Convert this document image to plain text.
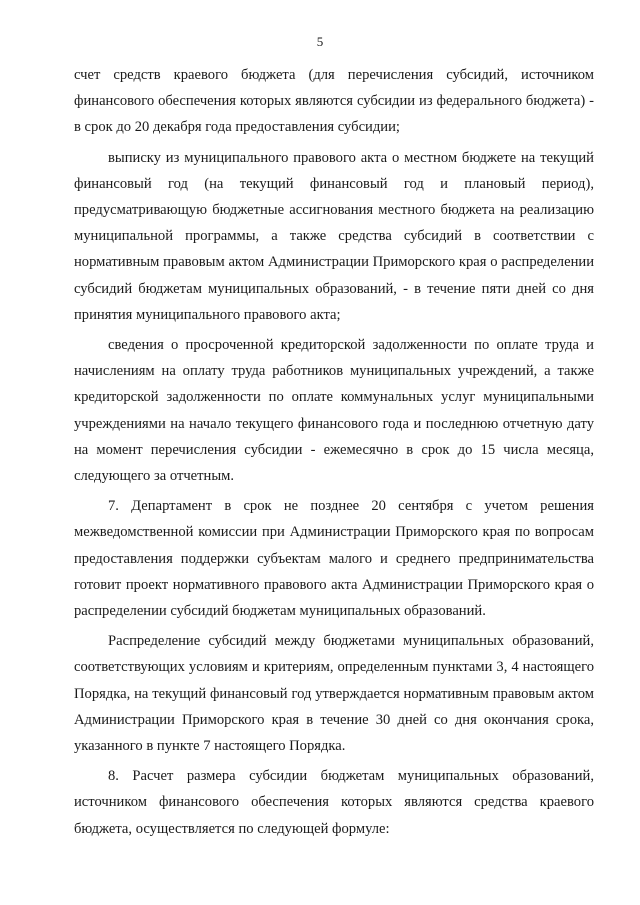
5

счет средств краевого бюджета (для перечисления субсидий, источником финансового обеспечения которых являются субсидии из федерального бюджета) - в срок до 20 декабря года предоставления субсидии;

выписку из муниципального правового акта о местном бюджете на текущий финансовый год (на текущий финансовый год и плановый период), предусматривающую бюджетные ассигнования местного бюджета на реализацию муниципальной программы, а также средства субсидий в соответствии с нормативным правовым актом Администрации Приморского края о распределении субсидий бюджетам муниципальных образований, - в течение пяти дней со дня принятия муниципального правового акта;

сведения о просроченной кредиторской задолженности по оплате труда и начислениям на оплату труда работников муниципальных учреждений, а также кредиторской задолженности по оплате коммунальных услуг муниципальными учреждениями на начало текущего финансового года и последнюю отчетную дату на момент перечисления субсидии - ежемесячно в срок до 15 числа месяца, следующего за отчетным.

7. Департамент в срок не позднее 20 сентября с учетом решения межведомственной комиссии при Администрации Приморского края по вопросам предоставления поддержки субъектам малого и среднего предпринимательства готовит проект нормативного правового акта Администрации Приморского края о распределении субсидий бюджетам муниципальных образований.

Распределение субсидий между бюджетами муниципальных образований, соответствующих условиям и критериям, определенным пунктами 3, 4 настоящего Порядка, на текущий финансовый год утверждается нормативным правовым актом Администрации Приморского края в течение 30 дней со дня окончания срока, указанного в пункте 7 настоящего Порядка.

8. Расчет размера субсидии бюджетам муниципальных образований, источником финансового обеспечения которых являются средства краевого бюджета, осуществляется по следующей формуле:
